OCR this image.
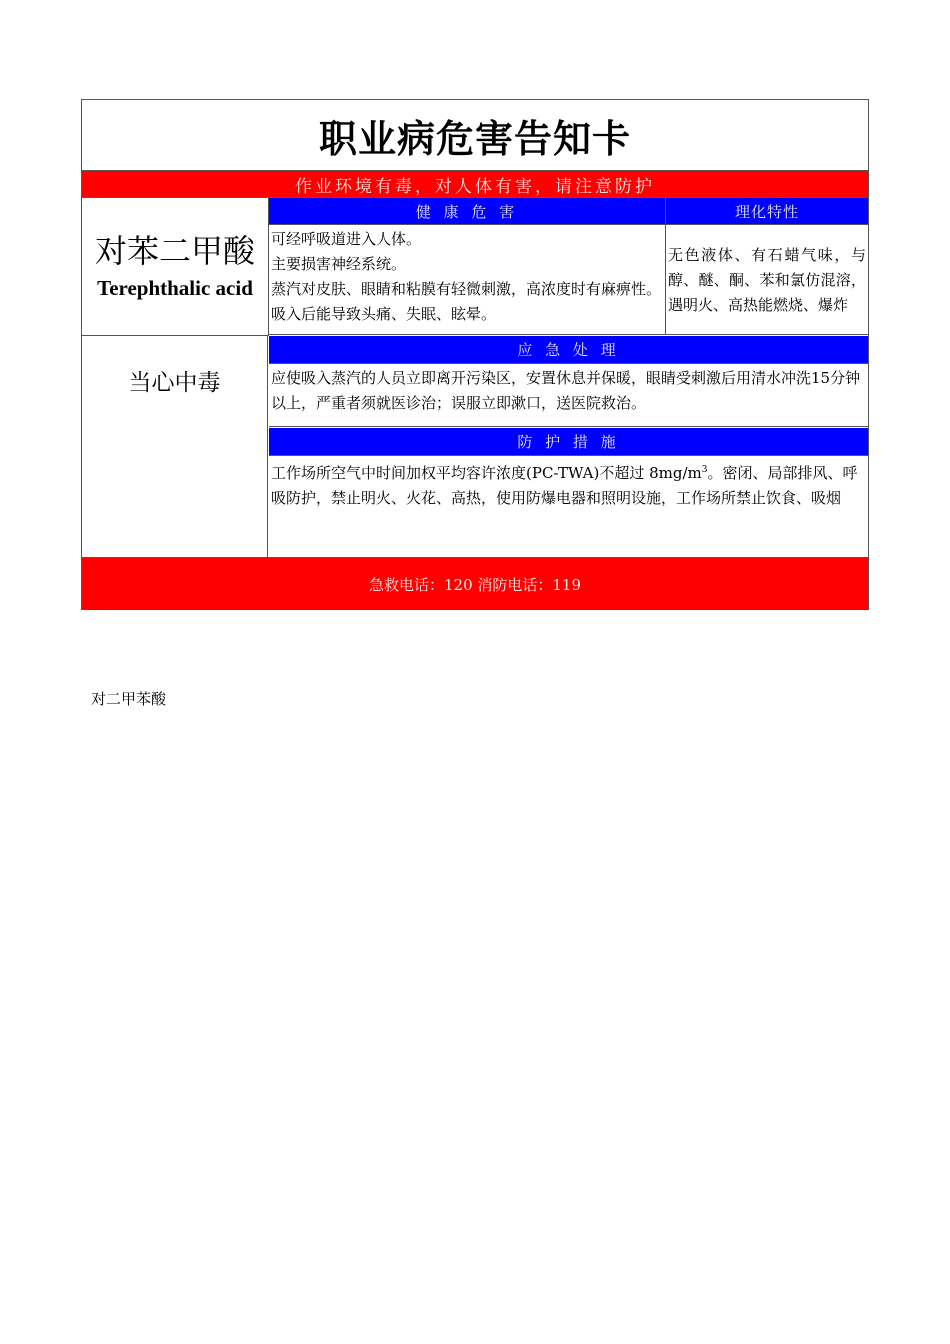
职业病危害告知卡
作业环境有毒，对人体有害，请注意防护
对苯二甲酸
Terephthalic acid
健 康 危 害	理化特性

可经呼吸道进入人体。

主要损害神经系统。

蒸汽对皮肤、眼睛和粘膜有轻微刺激，高浓度时有麻痹性。吸入后能导致头痛、失眠、眩晕。

无色液体、有石蜡气味，与醇、醚、酮、苯和氯仿混溶，遇明火、高热能燃烧、爆炸
当心中毒
应 急 处 理
应使吸入蒸汽的人员立即离开污染区，安置休息并保暖，眼睛受刺激后用清水冲洗15分钟以上，严重者须就医诊治；误服立即漱口，送医院救治。
防 护 措 施
工作场所空气中时间加权平均容许浓度(PC-TWA)不超过 $8mg/m^3$。密闭、局部排风、呼吸防护，禁止明火、火花、高热，使用防爆电器和照明设施，工作场所禁止饮食、吸烟
急救电话：120 消防电话：119
对二甲苯酸
